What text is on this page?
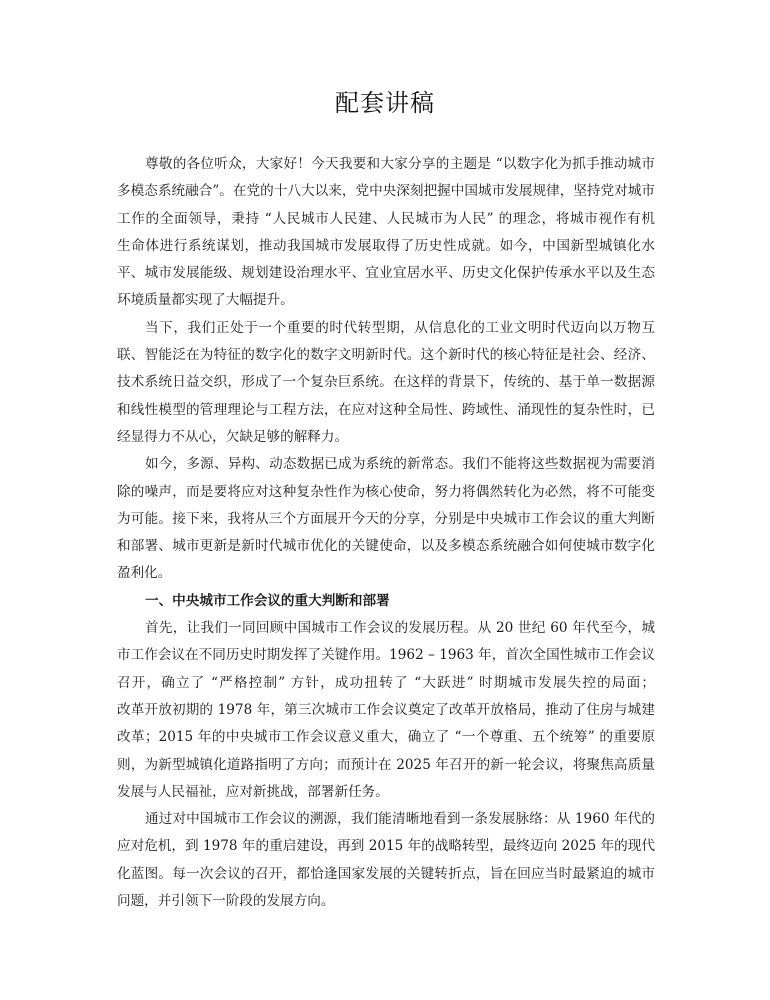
配套讲稿
尊敬的各位听众，大家好！今天我要和大家分享的主题是 “以数字化为抓手推动城市
多模态系统融合”。在党的十八大以来，党中央深刻把握中国城市发展规律，坚持党对城市
工作的全面领导，秉持 “人民城市人民建、人民城市为人民” 的理念，将城市视作有机
生命体进行系统谋划，推动我国城市发展取得了历史性成就。如今，中国新型城镇化水
平、城市发展能级、规划建设治理水平、宜业宜居水平、历史文化保护传承水平以及生态
环境质量都实现了大幅提升。
当下，我们正处于一个重要的时代转型期，从信息化的工业文明时代迈向以万物互
联、智能泛在为特征的数字化的数字文明新时代。这个新时代的核心特征是社会、经济、
技术系统日益交织，形成了一个复杂巨系统。在这样的背景下，传统的、基于单一数据源
和线性模型的管理理论与工程方法，在应对这种全局性、跨域性、涌现性的复杂性时，已
经显得力不从心，欠缺足够的解释力。
如今，多源、异构、动态数据已成为系统的新常态。我们不能将这些数据视为需要消
除的噪声，而是要将应对这种复杂性作为核心使命，努力将偶然转化为必然，将不可能变
为可能。接下来，我将从三个方面展开今天的分享，分别是中央城市工作会议的重大判断
和部署、城市更新是新时代城市优化的关键使命，以及多模态系统融合如何使城市数字化
盈利化。
一、中央城市工作会议的重大判断和部署
首先，让我们一同回顾中国城市工作会议的发展历程。从 20 世纪 60 年代至今，城
市工作会议在不同历史时期发挥了关键作用。1962 – 1963 年，首次全国性城市工作会议
召开，确立了 “严格控制” 方针，成功扭转了 “大跃进” 时期城市发展失控的局面；
改革开放初期的 1978 年，第三次城市工作会议奠定了改革开放格局，推动了住房与城建
改革；2015 年的中央城市工作会议意义重大，确立了 “一个尊重、五个统筹” 的重要原
则，为新型城镇化道路指明了方向；而预计在 2025 年召开的新一轮会议，将聚焦高质量
发展与人民福祉，应对新挑战，部署新任务。
通过对中国城市工作会议的溯源，我们能清晰地看到一条发展脉络：从 1960 年代的
应对危机，到 1978 年的重启建设，再到 2015 年的战略转型，最终迈向 2025 年的现代
化蓝图。每一次会议的召开，都恰逢国家发展的关键转折点，旨在回应当时最紧迫的城市
问题，并引领下一阶段的发展方向。
